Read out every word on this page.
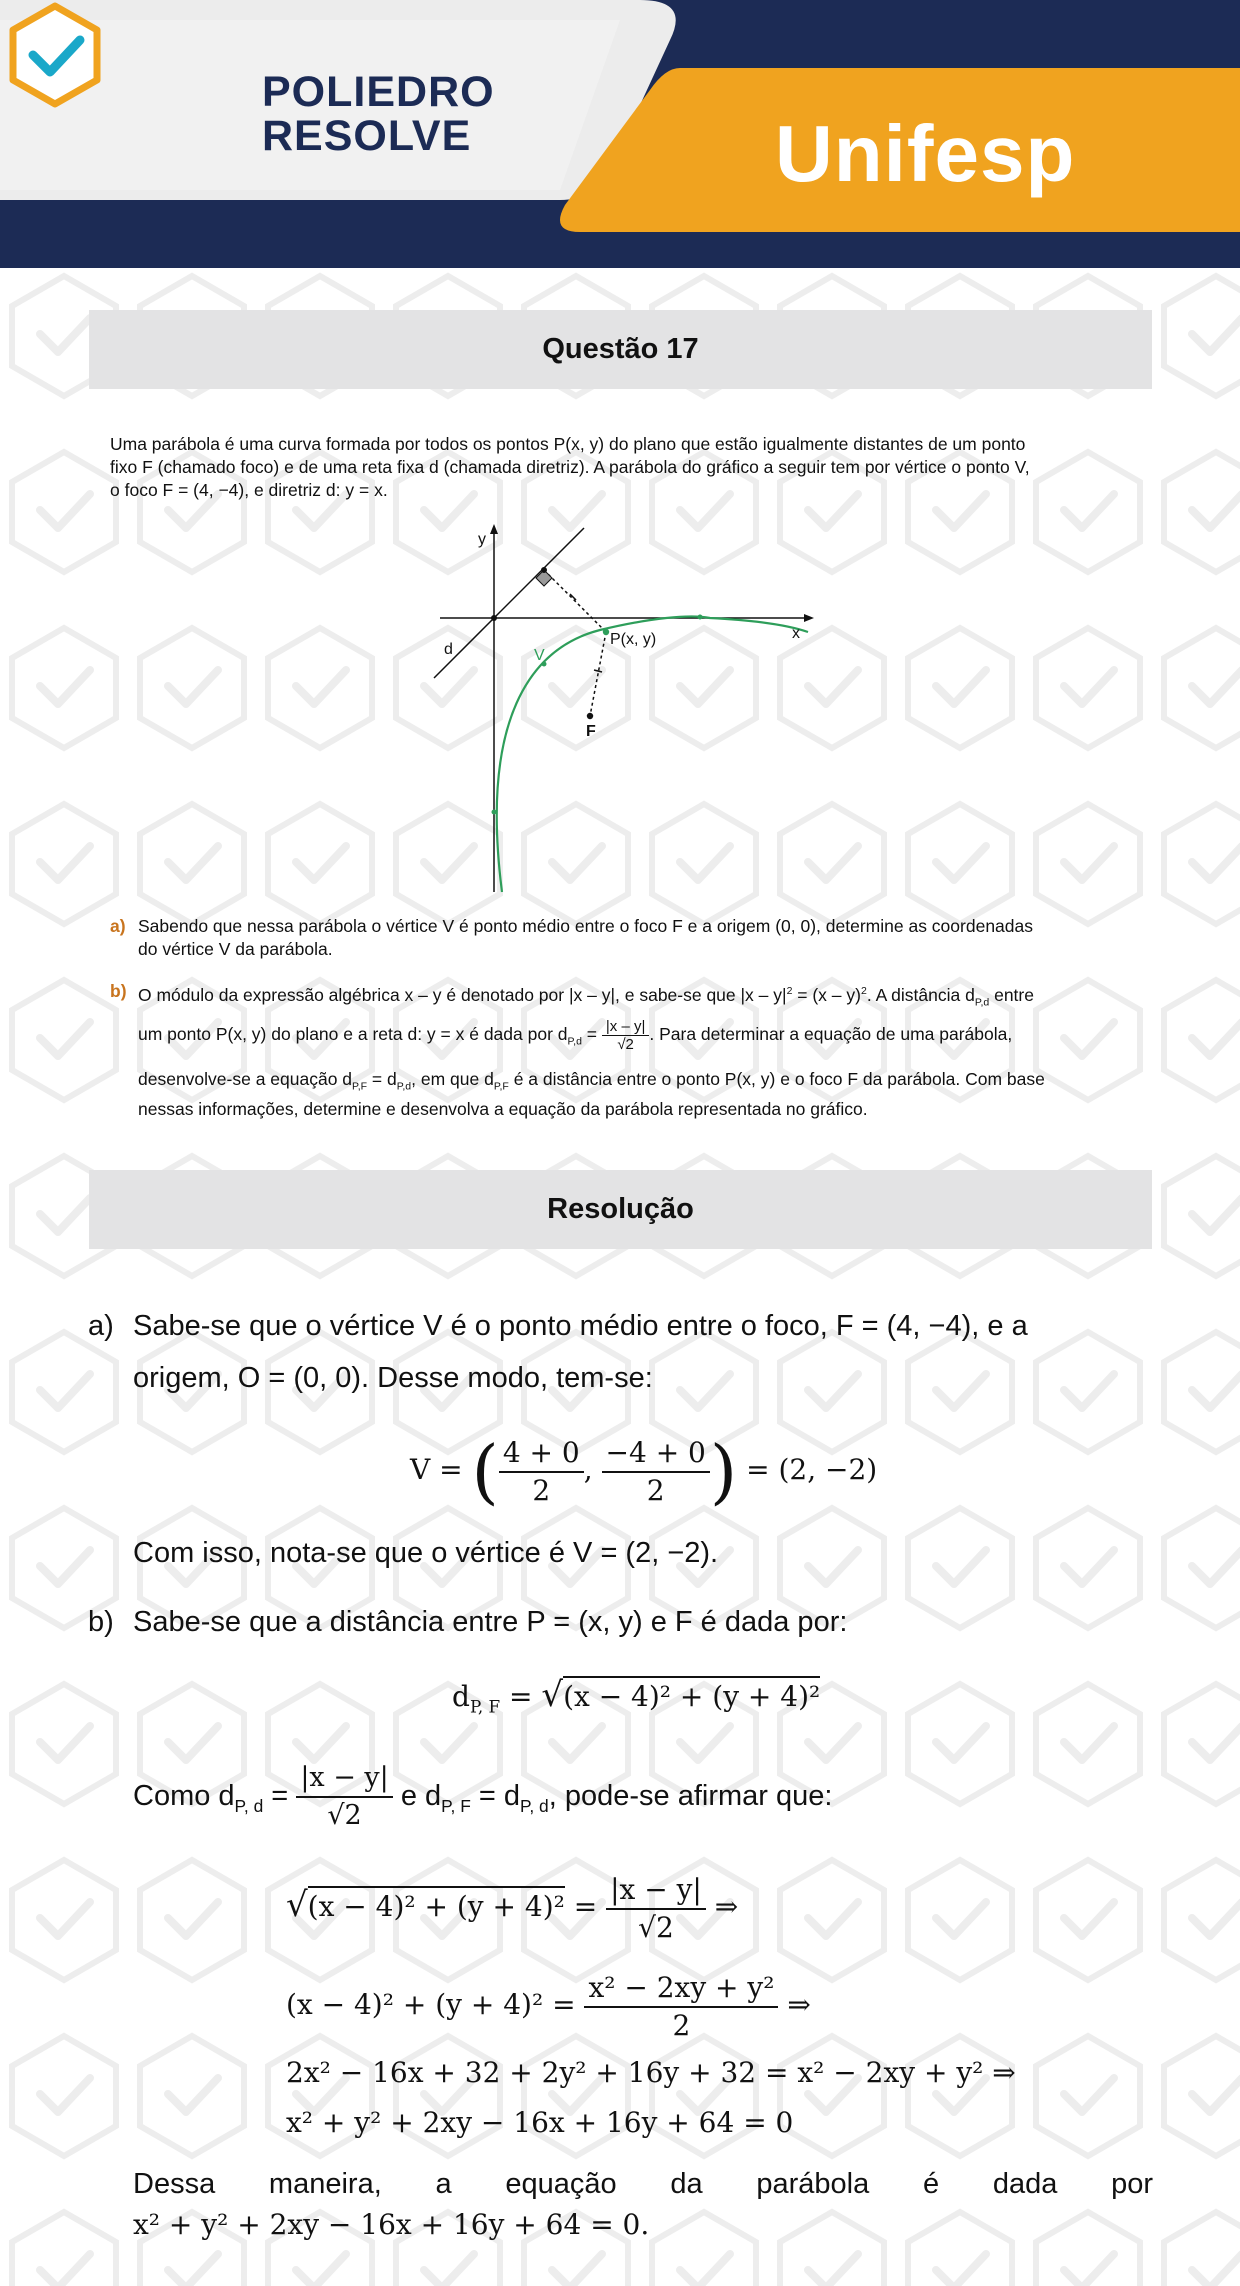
POLIEDRO
RESOLVE	Unifesp
Questão 17
Uma parábola é uma curva formada por todos os pontos P(x, y) do plano que estão igualmente distantes de um ponto
fixo F (chamado foco) e de uma reta fixa d (chamada diretriz). A parábola do gráfico a seguir tem por vértice o ponto V,
o foco F = (4, −4), e diretriz d: y = x.
y
x
d	V
P(x, y)
F
a) Sabendo que nessa parábola o vértice V é ponto médio entre o foco F e a origem (0, 0), determine as coordenadas
do vértice V da parábola.
b) O módulo da expressão algébrica x – y é denotado por |x – y|, e sabe-se que $|x - y|^2 = (x - y)^2$. A distância $d_{P,d}$ entre
um ponto P(x, y) do plano e a reta d: y = x é dada por $d_{P,d} = \frac{|x - y|}{√2}$ . Para determinar a equação de uma parábola,
desenvolve-se a equação $d_{P,F} = d_{P,d}$, em que $d_{P,F}$ é a distância entre o ponto P(x, y) e o foco F da parábola. Com base
nessas informações, determine e desenvolva a equação da parábola representada no gráfico.
Resolução
a) Sabe-se que o vértice V é o ponto médio entre o foco, F = (4, −4), e a
origem, O = (0, 0). Desse modo, tem-se:
V = ( $\frac{4 + 0}{2}$ , $\frac{-4 + 0}{2}$ ) = (2, −2)
Com isso, nota-se que o vértice é V = (2, −2).
b) Sabe-se que a distância entre P = (x, y) e F é dada por:
$d_{P, F} = √(x - 4)^2 + (y + 4)^2$
Como $d_{P, d} = \frac{|x - y|}{√2}$ e $d_{P, F} = d_{P, d}$, pode-se afirmar que:
$√(x - 4)^2 + (y + 4)^2 = \frac{|x - y|}{√2}$ ⇒
$(x - 4)^2 + (y + 4)^2 = \frac{\text{x² − 2xy + y²}}{2}$ ⇒
2x² − 16x + 32 + 2y² + 16y + 32 = x² − 2xy + y² ⇒
x² + y² + 2xy − 16x + 16y + 64 = 0
Dessa maneira, a equação da parábola é dada por
x² + y² + 2xy − 16x + 16y + 64 = 0.
